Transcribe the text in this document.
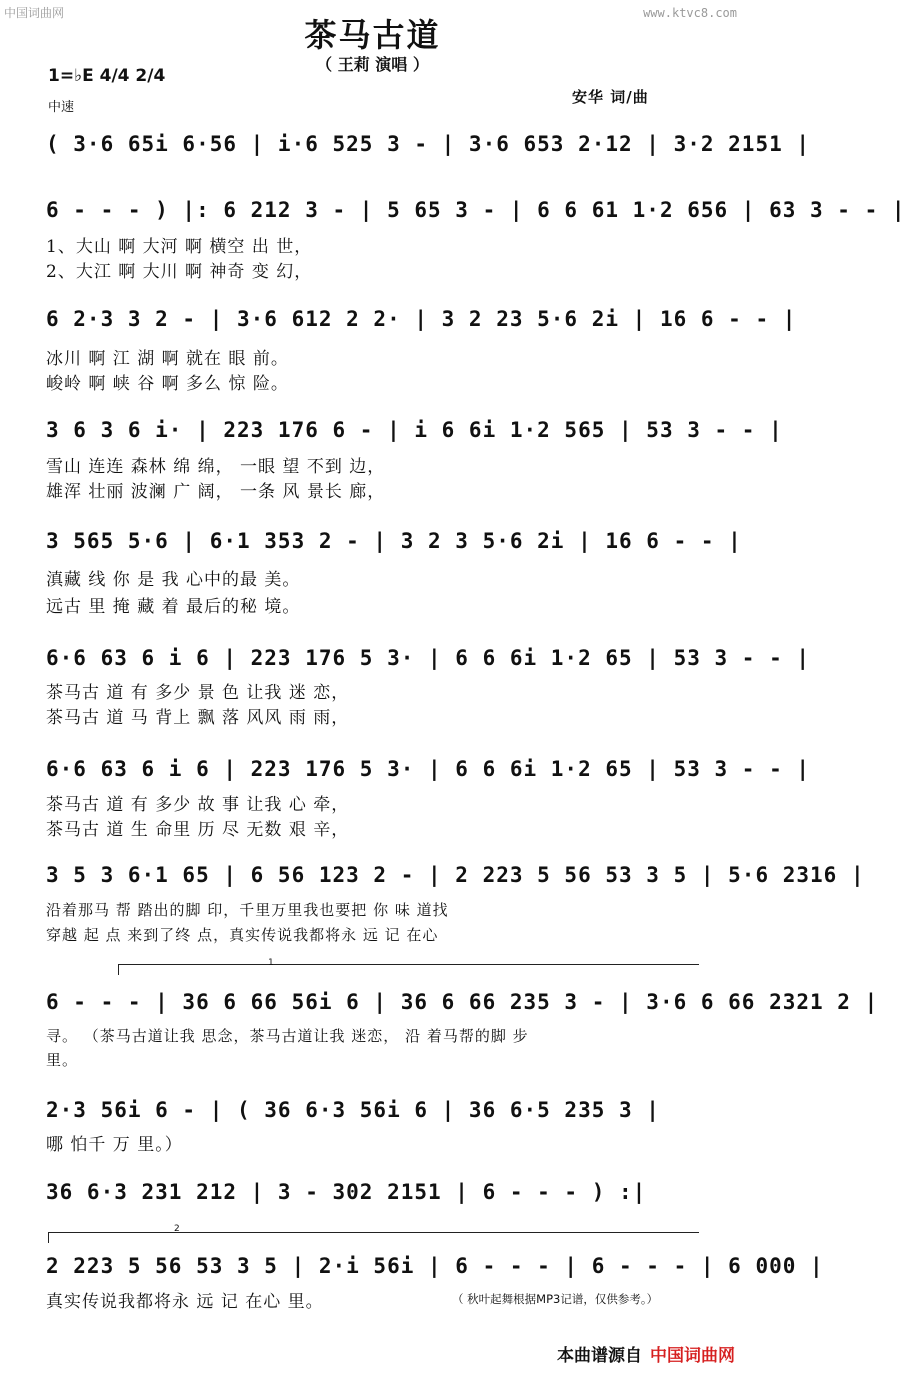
中国词曲网	www.ktvc8.com
茶马古道
（ 王莉 演唱 ）
1=♭E 4/4 2/4
中速
安华 词/曲
( 3·6 65i 6·56 | i·6 525 3 - | 3·6 653 2·12 | 3·2 2151 |
6 - - - ) |: 6 212 3 - | 5 65 3 - | 6 6 61 1·2 656 | 63 3 - - |
1、大山 啊 大河 啊 横空 出 世，
2、大江 啊 大川 啊 神奇 变 幻，
6 2·3 3 2 - | 3·6 612 2 2· | 3 2 23 5·6 2i | 16 6 - - |
冰川 啊 江 湖 啊 就在 眼 前。
峻岭 啊 峡 谷 啊 多么 惊 险。
3 6 3 6 i· | 223 176 6 - | i 6 6i 1·2 565 | 53 3 - - |
雪山 连连 森林 绵 绵， 一眼 望 不到 边，
雄浑 壮丽 波澜 广 阔， 一条 风 景长 廊，
3 565 5·6 | 6·1 353 2 - | 3 2 3 5·6 2i | 16 6 - - |
滇藏 线 你 是 我 心中的最 美。
远古 里 掩 藏 着 最后的秘 境。
6·6 63 6 i 6 | 223 176 5 3· | 6 6 6i 1·2 65 | 53 3 - - |
茶马古 道 有 多少 景 色 让我 迷 恋，
茶马古 道 马 背上 飘 落 风风 雨 雨，
6·6 63 6 i 6 | 223 176 5 3· | 6 6 6i 1·2 65 | 53 3 - - |
茶马古 道 有 多少 故 事 让我 心 牵，
茶马古 道 生 命里 历 尽 无数 艰 辛，
3 5 3 6·1 65 | 6 56 123 2 - | 2 223 5 56 53 3 5 | 5·6 2316 |
沿着那马 帮 踏出的脚 印，千里万里我也要把 你 味 道找
穿越 起 点 来到了终 点，真实传说我都将永 远 记 在心
1
6 - - - | 36 6 66 56i 6 | 36 6 66 235 3 - | 3·6 6 66 2321 2 |
寻。 （茶马古道让我 思念，茶马古道让我 迷恋， 沿 着马帮的脚 步
里。
2·3 56i 6 - | ( 36 6·3 56i 6 | 36 6·5 235 3 |
哪 怕千 万 里。）
36 6·3 231 212 | 3 - 302 2151 | 6 - - - ) :|
2
2 223 5 56 53 3 5 | 2·i 56i | 6 - - - | 6 - - - | 6 000 |
真实传说我都将永 远 记 在心 里。	（ 秋叶起舞根据MP3记谱，仅供参考。）
本曲谱源自 中国词曲网
